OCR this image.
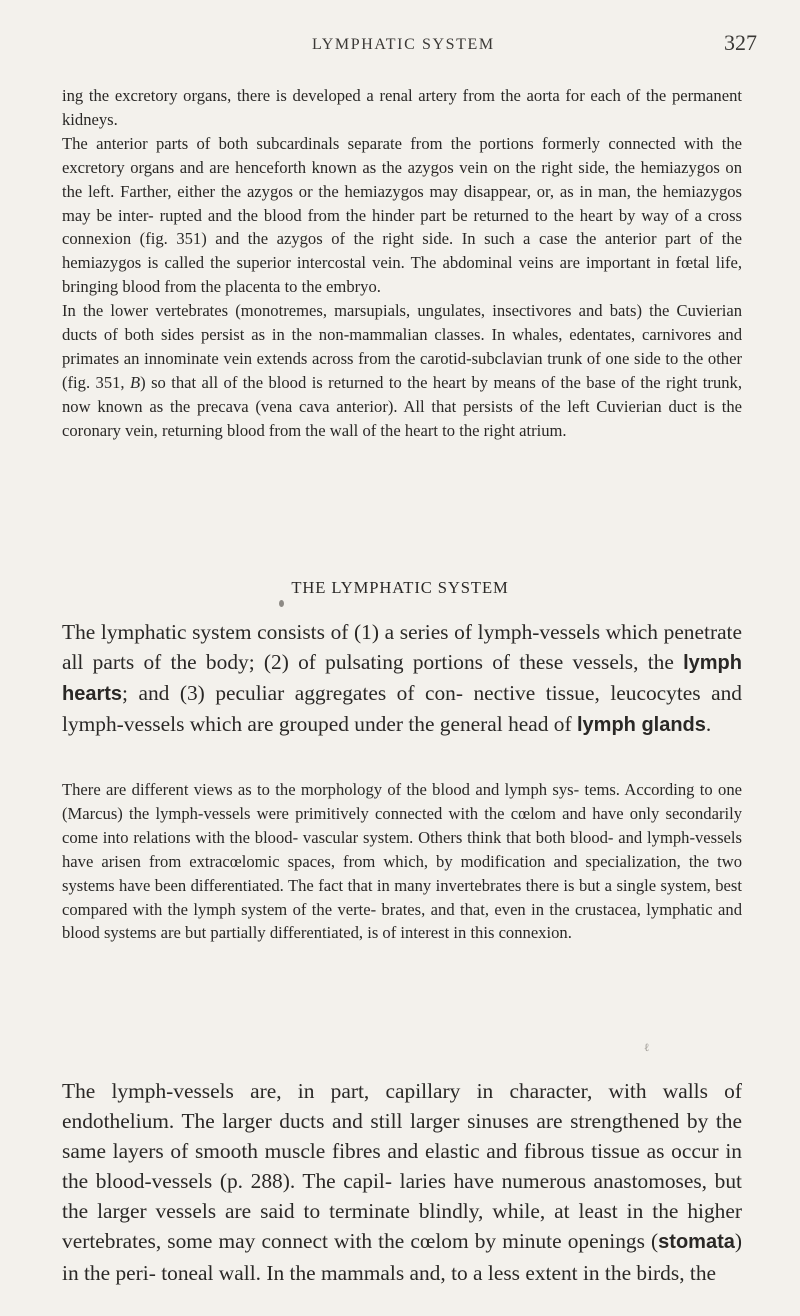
LYMPHATIC SYSTEM	327

ing the excretory organs, there is developed a renal artery from the aorta for each of the permanent kidneys.

The anterior parts of both subcardinals separate from the portions formerly connected with the excretory organs and are henceforth known as the azygos vein on the right side, the hemiazygos on the left. Farther, either the azygos or the hemiazygos may disappear, or, as in man, the hemiazygos may be inter- rupted and the blood from the hinder part be returned to the heart by way of a cross connexion (fig. 351) and the azygos of the right side. In such a case the anterior part of the hemiazygos is called the superior intercostal vein. The abdominal veins are important in fœtal life, bringing blood from the placenta to the embryo.

In the lower vertebrates (monotremes, marsupials, ungulates, insectivores and bats) the Cuvierian ducts of both sides persist as in the non-mammalian classes. In whales, edentates, carnivores and primates an innominate vein extends across from the carotid-subclavian trunk of one side to the other (fig. 351, B) so that all of the blood is returned to the heart by means of the base of the right trunk, now known as the precava (vena cava anterior). All that persists of the left Cuvierian duct is the coronary vein, returning blood from the wall of the heart to the right atrium.

THE LYMPHATIC SYSTEM

The lymphatic system consists of (1) a series of lymph-vessels which penetrate all parts of the body; (2) of pulsating portions of these vessels, the lymph hearts; and (3) peculiar aggregates of con- nective tissue, leucocytes and lymph-vessels which are grouped under the general head of lymph glands.

There are different views as to the morphology of the blood and lymph sys- tems. According to one (Marcus) the lymph-vessels were primitively connected with the cœlom and have only secondarily come into relations with the blood- vascular system. Others think that both blood- and lymph-vessels have arisen from extracœlomic spaces, from which, by modification and specialization, the two systems have been differentiated. The fact that in many invertebrates there is but a single system, best compared with the lymph system of the verte- brates, and that, even in the crustacea, lymphatic and blood systems are but partially differentiated, is of interest in this connexion.

ℓ

The lymph-vessels are, in part, capillary in character, with walls of endothelium. The larger ducts and still larger sinuses are strengthened by the same layers of smooth muscle fibres and elastic and fibrous tissue as occur in the blood-vessels (p. 288). The capil- laries have numerous anastomoses, but the larger vessels are said to terminate blindly, while, at least in the higher vertebrates, some may connect with the cœlom by minute openings (stomata) in the peri- toneal wall. In the mammals and, to a less extent in the birds, the
